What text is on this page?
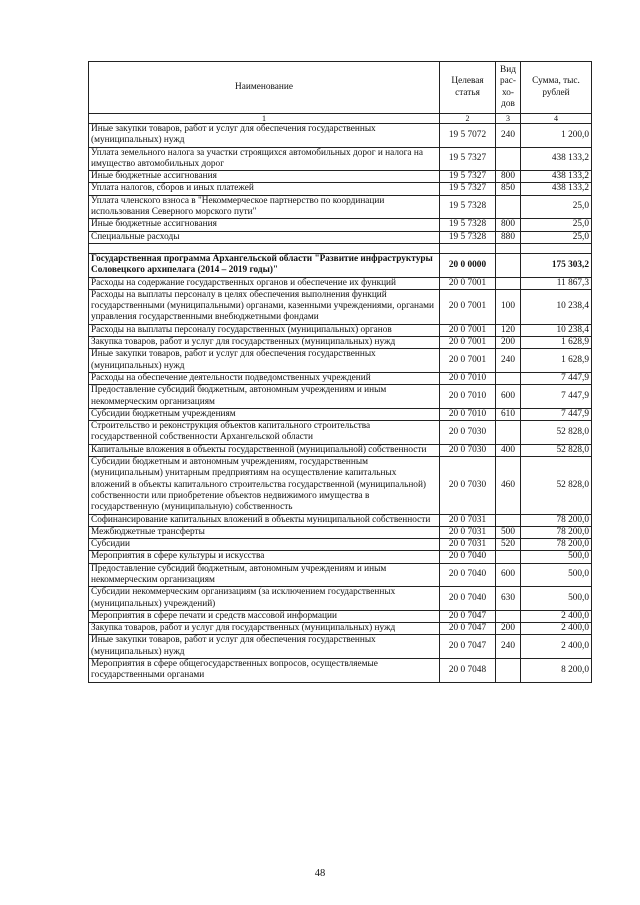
Наименование	Целевая статья	Вид рас-хо-дов	Сумма, тыс. рублей
1	2	3	4
Иные закупки товаров, работ и услуг для обеспечения государственных (муниципальных) нужд	19 5 7072	240	1 200,0
Уплата земельного налога за участки строящихся автомобильных дорог и налога на имущество автомобильных дорог	19 5 7327		438 133,2
Иные бюджетные ассигнования	19 5 7327	800	438 133,2
Уплата налогов, сборов и иных платежей	19 5 7327	850	438 133,2
Уплата членского взноса в "Некоммерческое партнерство по координации использования Северного морского пути"	19 5 7328		25,0
Иные бюджетные ассигнования	19 5 7328	800	25,0
Специальные расходы	19 5 7328	880	25,0

Государственная программа Архангельской области "Развитие инфраструктуры Соловецкого архипелага (2014 – 2019 годы)"	20 0 0000		175 303,2
Расходы на содержание государственных органов и обеспечение их функций	20 0 7001		11 867,3
Расходы на выплаты персоналу в целях обеспечения выполнения функций государственными (муниципальными) органами, казенными учреждениями, органами управления государственными внебюджетными фондами	20 0 7001	100	10 238,4
Расходы на выплаты персоналу государственных (муниципальных) органов	20 0 7001	120	10 238,4
Закупка товаров, работ и услуг для государственных (муниципальных) нужд	20 0 7001	200	1 628,9
Иные закупки товаров, работ и услуг для обеспечения государственных (муниципальных) нужд	20 0 7001	240	1 628,9
Расходы на обеспечение деятельности подведомственных учреждений	20 0 7010		7 447,9
Предоставление субсидий бюджетным, автономным учреждениям и иным некоммерческим организациям	20 0 7010	600	7 447,9
Субсидии бюджетным учреждениям	20 0 7010	610	7 447,9
Строительство и реконструкция объектов капитального строительства государственной собственности Архангельской области	20 0 7030		52 828,0
Капитальные вложения в объекты государственной (муниципальной) собственности	20 0 7030	400	52 828,0
Субсидии бюджетным и автономным учреждениям, государственным (муниципальным) унитарным предприятиям на осуществление капитальных вложений в объекты капитального строительства государственной (муниципальной) собственности или приобретение объектов недвижимого имущества в государственную (муниципальную) собственность	20 0 7030	460	52 828,0
Софинансирование капитальных вложений в объекты муниципальной собственности	20 0 7031		78 200,0
Межбюджетные трансферты	20 0 7031	500	78 200,0
Субсидии	20 0 7031	520	78 200,0
Мероприятия в сфере культуры и искусства	20 0 7040		500,0
Предоставление субсидий бюджетным, автономным учреждениям и иным некоммерческим организациям	20 0 7040	600	500,0
Субсидии некоммерческим организациям (за исключением государственных (муниципальных) учреждений)	20 0 7040	630	500,0
Мероприятия в сфере печати и средств массовой информации	20 0 7047		2 400,0
Закупка товаров, работ и услуг для государственных (муниципальных) нужд	20 0 7047	200	2 400,0
Иные закупки товаров, работ и услуг для обеспечения государственных (муниципальных) нужд	20 0 7047	240	2 400,0
Мероприятия в сфере общегосударственных вопросов, осуществляемые государственными органами	20 0 7048		8 200,0
48
